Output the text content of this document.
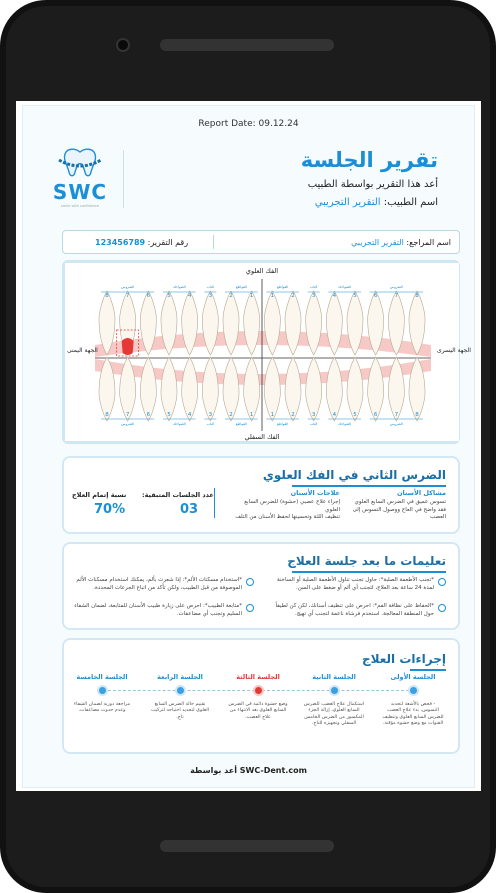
Report Date: 09.12.24
SWC
smile with confidence
تقرير الجلسة
أعد هذا التقرير بواسطة الطبيب
اسم الطبيب: التقرير التجريبي
اسم المراجع: التقرير التجريبي
رقم التقرير: 123456789
الفك العلوي
الفك السفلي
الجهة اليسرى
الجهة اليمنى
8
8
7
7
6
6
5
5
4
4
3
3
2
2
1
1
1
1
2
2
3
3
4
4
5
5
6
6
7
7
8
8
الضروس
الضروس
الضواحك
الضواحك
الناب
الناب
القواطع
القواطع
القواطع
القواطع
الناب
الناب
الضواحك
الضواحك
الضروس
الضروس
الضرس الثاني في الفك العلوي
مشاكل الأسنان
تسوس عميق في الضرس السابع العلوي
فقد واضح في العاج ووصول التسوس إلى العصب
علاجات الأسنان
إجراء علاج عصبي (حشوة) للضرس السابع العلوي
تنظيف اللثة وتحسينها لحفظ الأسنان من التلف
عدد الجلسات المتبقية:
03
نسبة إتمام العلاج
70%
تعليمات ما بعد جلسة العلاج
*تجنب الأطعمة الصلبة*: حاول تجنب تناول الأطعمة الصلبة أو الساخنة لمدة 24 ساعة بعد العلاج، لتجنب أي ألم أو ضغط على السن.
*استخدام مسكنات الألم*: إذا شعرت بألم، يمكنك استخدام مسكنات الألم الموصوفة من قبل الطبيب، ولكن تأكد من اتباع الجرعات المحددة.
*الحفاظ على نظافة الفم*: احرص على تنظيف أسنانك، لكن كن لطيفاً حول المنطقة المعالجة. استخدم فرشاة ناعمة لتجنب أي تهيج.
*متابعة الطبيب*: احرص على زيارة طبيب الأسنان للمتابعة، لضمان الشفاء السليم وتجنب أي مضاعفات.
إجراءات العلاج
الجلسة الأولى
- فحص بالأشعة لتحديد التسوس، بدء علاج العصب للضرس السابع العلوي وتنظيف القنوات مع وضع حشوة مؤقتة.
الجلسة الثانية
استكمال علاج العصب للضرس السابع العلوي، إزالة الجزء المكسور من الضرس الخامس السفلي وتجهيزه للتاج.
الجلسة الثالثة
وضع حشوة دائمة في الضرس السابع العلوي بعد الانتهاء من علاج العصب.
الجلسة الرابعة
تقييم حالة الضرس السابع العلوي لتحديد احتياجه لتركيب تاج.
الجلسة الخامسة
مراجعة دورية لضمان الشفاء وعدم حدوث مضاعفات.
أعد بواسطة SWC-Dent.com
